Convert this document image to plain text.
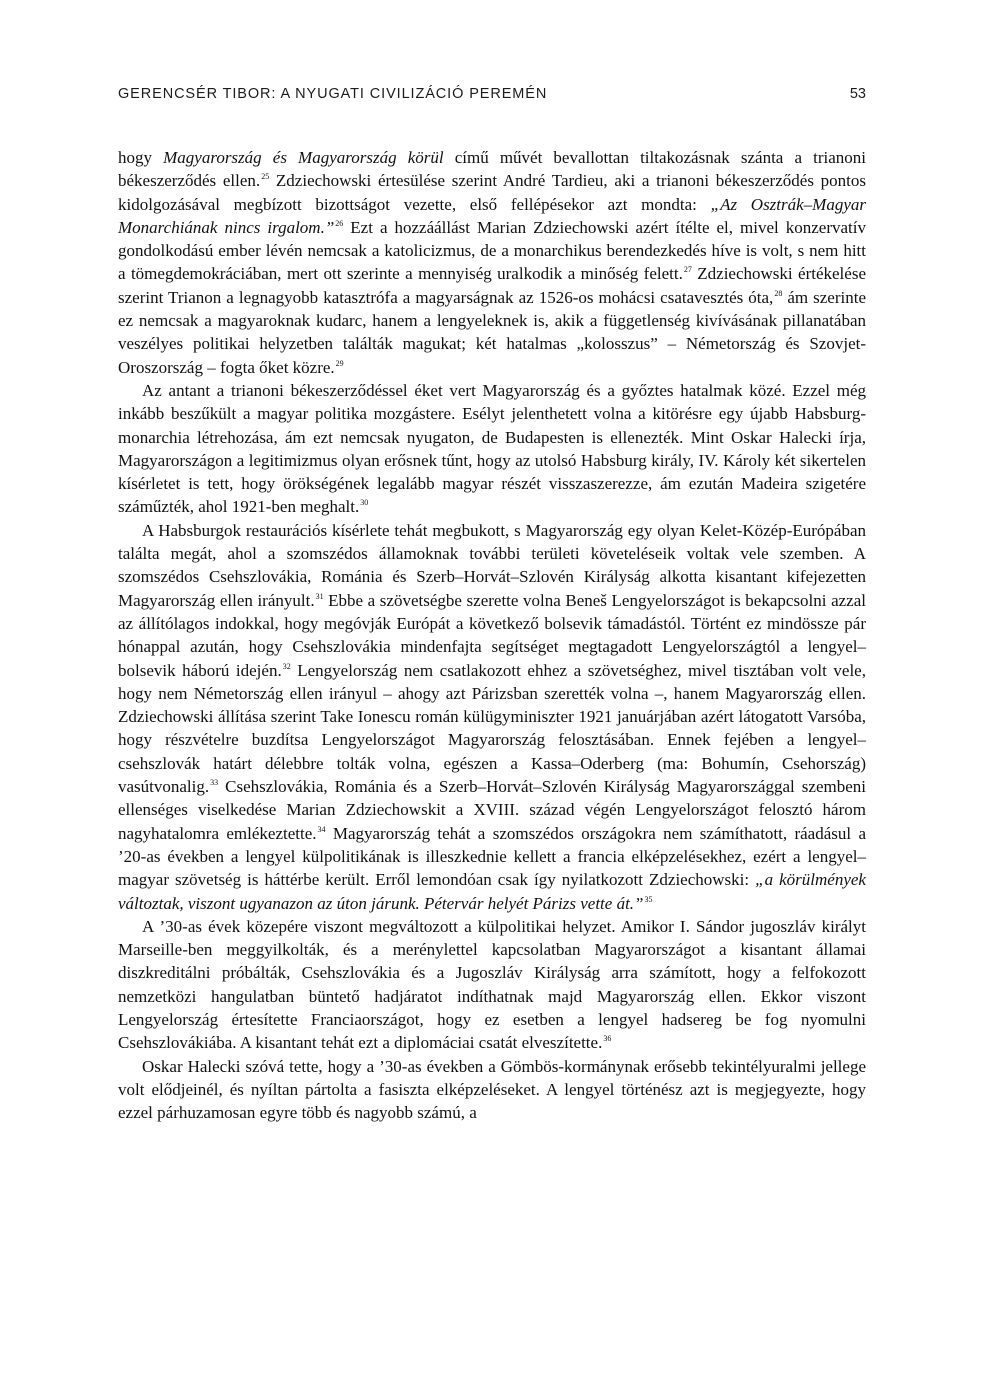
GERENCSÉR TIBOR: A NYUGATI CIVILIZÁCIÓ PEREMÉN	53

hogy Magyarország és Magyarország körül című művét bevallottan tiltakozásnak szánta a trianoni békeszerződés ellen.$^{25}$ Zdziechowski értesülése szerint André Tardieu, aki a trianoni békeszerződés pontos kidolgozásával megbízott bizottságot vezette, első fellépésekor azt mondta: „Az Osztrák–Magyar Monarchiának nincs irgalom.”$^{26}$ Ezt a hozzáállást Marian Zdziechowski azért ítélte el, mivel konzervatív gondolkodású ember lévén nemcsak a katolicizmus, de a monarchikus berendezkedés híve is volt, s nem hitt a tömegdemokráciában, mert ott szerinte a mennyiség uralkodik a minőség felett.$^{27}$ Zdziechowski értékelése szerint Trianon a legnagyobb katasztrófa a magyarságnak az 1526-os mohácsi csatavesztés óta,$^{28}$ ám szerinte ez nemcsak a magyaroknak kudarc, hanem a lengyeleknek is, akik a függetlenség kivívásának pillanatában veszélyes politikai helyzetben találták magukat; két hatalmas „kolosszus” – Németország és Szovjet-Oroszország – fogta őket közre.$^{29}$

Az antant a trianoni békeszerződéssel éket vert Magyarország és a győztes hatalmak közé. Ezzel még inkább beszűkült a magyar politika mozgástere. Esélyt jelenthetett volna a kitörésre egy újabb Habsburg-monarchia létrehozása, ám ezt nemcsak nyugaton, de Budapesten is ellenezték. Mint Oskar Halecki írja, Magyarországon a legitimizmus olyan erősnek tűnt, hogy az utolsó Habsburg király, IV. Károly két sikertelen kísérletet is tett, hogy örökségének legalább magyar részét visszaszerezze, ám ezután Madeira szigetére száműzték, ahol 1921-ben meghalt.$^{30}$

A Habsburgok restaurációs kísérlete tehát megbukott, s Magyarország egy olyan Kelet-Közép-Európában találta megát, ahol a szomszédos államoknak további területi követeléseik voltak vele szemben. A szomszédos Csehszlovákia, Románia és Szerb–Horvát–Szlovén Királyság alkotta kisantant kifejezetten Magyarország ellen irányult.$^{31}$ Ebbe a szövetségbe szerette volna Beneš Lengyelországot is bekapcsolni azzal az állítólagos indokkal, hogy megóvják Európát a következő bolsevik támadástól. Történt ez mindössze pár hónappal azután, hogy Csehszlovákia mindenfajta segítséget megtagadott Lengyelországtól a lengyel–bolsevik háború idején.$^{32}$ Lengyelország nem csatlakozott ehhez a szövetséghez, mivel tisztában volt vele, hogy nem Németország ellen irányul – ahogy azt Párizsban szerették volna –, hanem Magyarország ellen. Zdziechowski állítása szerint Take Ionescu román külügyminiszter 1921 januárjában azért látogatott Varsóba, hogy részvételre buzdítsa Lengyelországot Magyarország felosztásában. Ennek fejében a lengyel–csehszlovák határt délebbre tolták volna, egészen a Kassa–Oderberg (ma: Bohumín, Csehország) vasútvonalig.$^{33}$ Csehszlovákia, Románia és a Szerb–Horvát–Szlovén Királyság Magyarországgal szembeni ellenséges viselkedése Marian Zdziechowskit a XVIII. század végén Lengyelországot felosztó három nagyhatalomra emlékeztette.$^{34}$ Magyarország tehát a szomszédos országokra nem számíthatott, ráadásul a ’20-as években a lengyel külpolitikának is illeszkednie kellett a francia elképzelésekhez, ezért a lengyel–magyar szövetség is háttérbe került. Erről lemondóan csak így nyilatkozott Zdziechowski: „a körülmények változtak, viszont ugyanazon az úton járunk. Pétervár helyét Párizs vette át.”$^{35}$

A ’30-as évek közepére viszont megváltozott a külpolitikai helyzet. Amikor I. Sándor jugoszláv királyt Marseille-ben meggyilkolták, és a merénylettel kapcsolatban Magyarországot a kisantant államai diszkreditálni próbálták, Csehszlovákia és a Jugoszláv Királyság arra számított, hogy a felfokozott nemzetközi hangulatban büntető hadjáratot indíthatnak majd Magyarország ellen. Ekkor viszont Lengyelország értesítette Franciaországot, hogy ez esetben a lengyel hadsereg be fog nyomulni Csehszlovákiába. A kisantant tehát ezt a diplomáciai csatát elveszítette.$^{36}$

Oskar Halecki szóvá tette, hogy a ’30-as években a Gömbös-kormánynak erősebb tekintélyuralmi jellege volt elődjeinél, és nyíltan pártolta a fasiszta elképzeléseket. A lengyel történész azt is megjegyezte, hogy ezzel párhuzamosan egyre több és nagyobb számú, a
